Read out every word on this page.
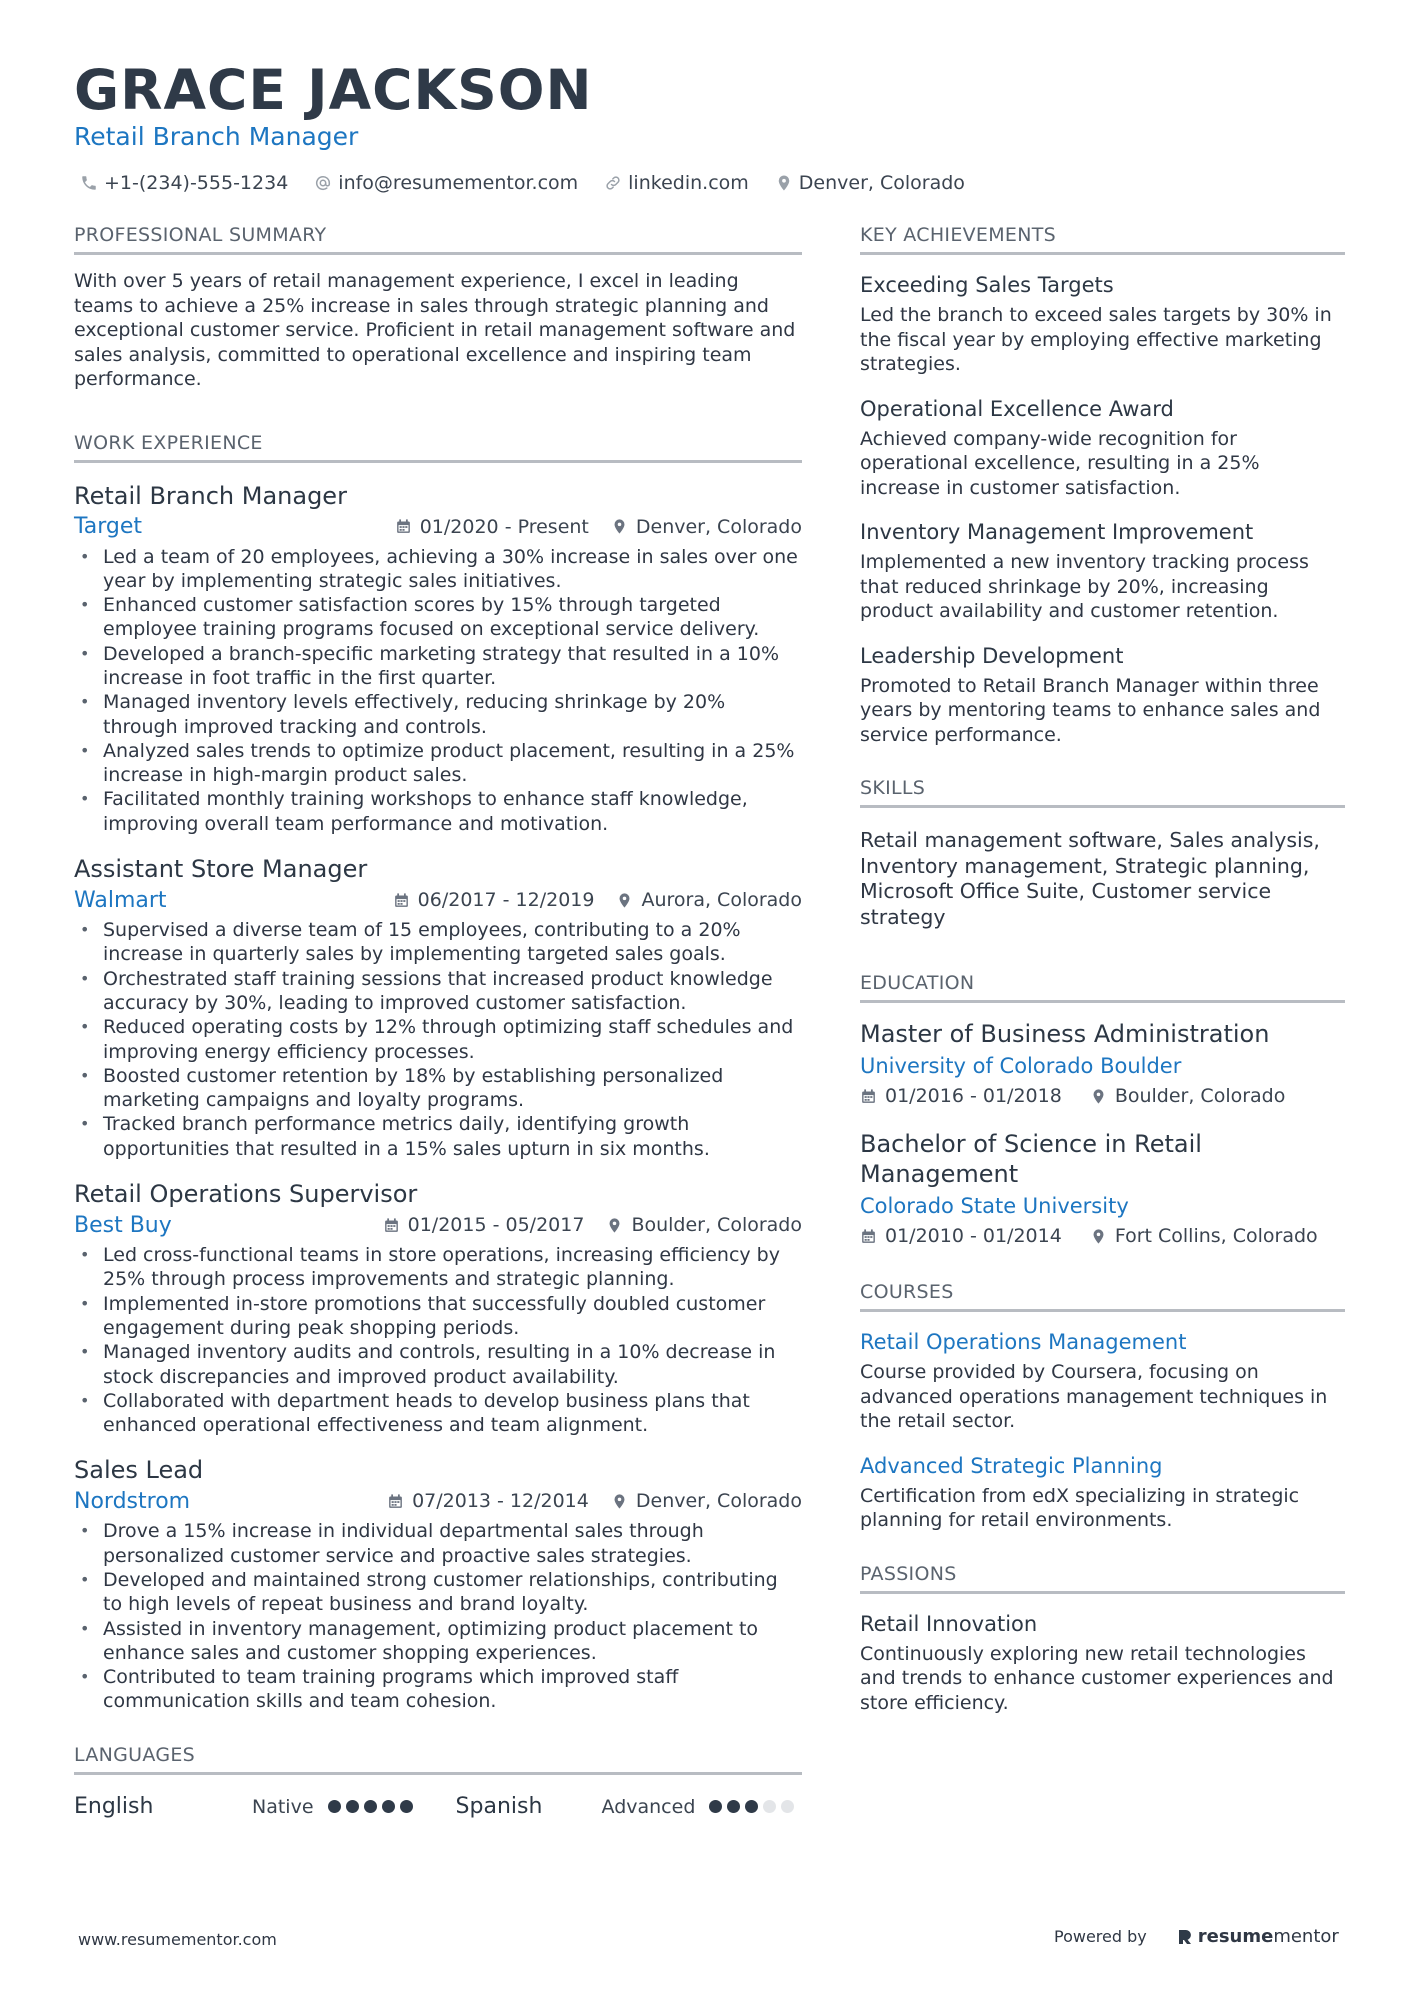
GRACE JACKSON
Retail Branch Manager
+1-(234)-555-1234	info@resumementor.com	linkedin.com	Denver, Colorado
PROFESSIONAL SUMMARY
With over 5 years of retail management experience, I excel in leading teams to achieve a 25% increase in sales through strategic planning and exceptional customer service. Proficient in retail management software and sales analysis, committed to operational excellence and inspiring team performance.
WORK EXPERIENCE
Retail Branch Manager
Target	01/2020 - Present Denver, Colorado
• Led a team of 20 employees, achieving a 30% increase in sales over one year by implementing strategic sales initiatives.
• Enhanced customer satisfaction scores by 15% through targeted employee training programs focused on exceptional service delivery.
• Developed a branch-specific marketing strategy that resulted in a 10% increase in foot traffic in the first quarter.
• Managed inventory levels effectively, reducing shrinkage by 20% through improved tracking and controls.
• Analyzed sales trends to optimize product placement, resulting in a 25% increase in high-margin product sales.
• Facilitated monthly training workshops to enhance staff knowledge, improving overall team performance and motivation.
Assistant Store Manager
Walmart	06/2017 - 12/2019 Aurora, Colorado
• Supervised a diverse team of 15 employees, contributing to a 20% increase in quarterly sales by implementing targeted sales goals.
• Orchestrated staff training sessions that increased product knowledge accuracy by 30%, leading to improved customer satisfaction.
• Reduced operating costs by 12% through optimizing staff schedules and improving energy efficiency processes.
• Boosted customer retention by 18% by establishing personalized marketing campaigns and loyalty programs.
• Tracked branch performance metrics daily, identifying growth opportunities that resulted in a 15% sales upturn in six months.
Retail Operations Supervisor
Best Buy	01/2015 - 05/2017 Boulder, Colorado
• Led cross-functional teams in store operations, increasing efficiency by 25% through process improvements and strategic planning.
• Implemented in-store promotions that successfully doubled customer engagement during peak shopping periods.
• Managed inventory audits and controls, resulting in a 10% decrease in stock discrepancies and improved product availability.
• Collaborated with department heads to develop business plans that enhanced operational effectiveness and team alignment.
Sales Lead
Nordstrom	07/2013 - 12/2014 Denver, Colorado
• Drove a 15% increase in individual departmental sales through personalized customer service and proactive sales strategies.
• Developed and maintained strong customer relationships, contributing to high levels of repeat business and brand loyalty.
• Assisted in inventory management, optimizing product placement to enhance sales and customer shopping experiences.
• Contributed to team training programs which improved staff communication skills and team cohesion.
LANGUAGES
English	Native	Spanish	Advanced
KEY ACHIEVEMENTS
Exceeding Sales Targets
Led the branch to exceed sales targets by 30% in the fiscal year by employing effective marketing strategies.
Operational Excellence Award
Achieved company-wide recognition for operational excellence, resulting in a 25% increase in customer satisfaction.
Inventory Management Improvement
Implemented a new inventory tracking process that reduced shrinkage by 20%, increasing product availability and customer retention.
Leadership Development
Promoted to Retail Branch Manager within three years by mentoring teams to enhance sales and service performance.
SKILLS
Retail management software, Sales analysis, Inventory management, Strategic planning, Microsoft Office Suite, Customer service strategy
EDUCATION
Master of Business Administration
University of Colorado Boulder
01/2016 - 01/2018	Boulder, Colorado
Bachelor of Science in Retail Management
Colorado State University
01/2010 - 01/2014	Fort Collins, Colorado
COURSES
Retail Operations Management
Course provided by Coursera, focusing on advanced operations management techniques in the retail sector.
Advanced Strategic Planning
Certification from edX specializing in strategic planning for retail environments.
PASSIONS
Retail Innovation
Continuously exploring new retail technologies and trends to enhance customer experiences and store efficiency.
www.resumementor.com	Powered by	resume mentor
